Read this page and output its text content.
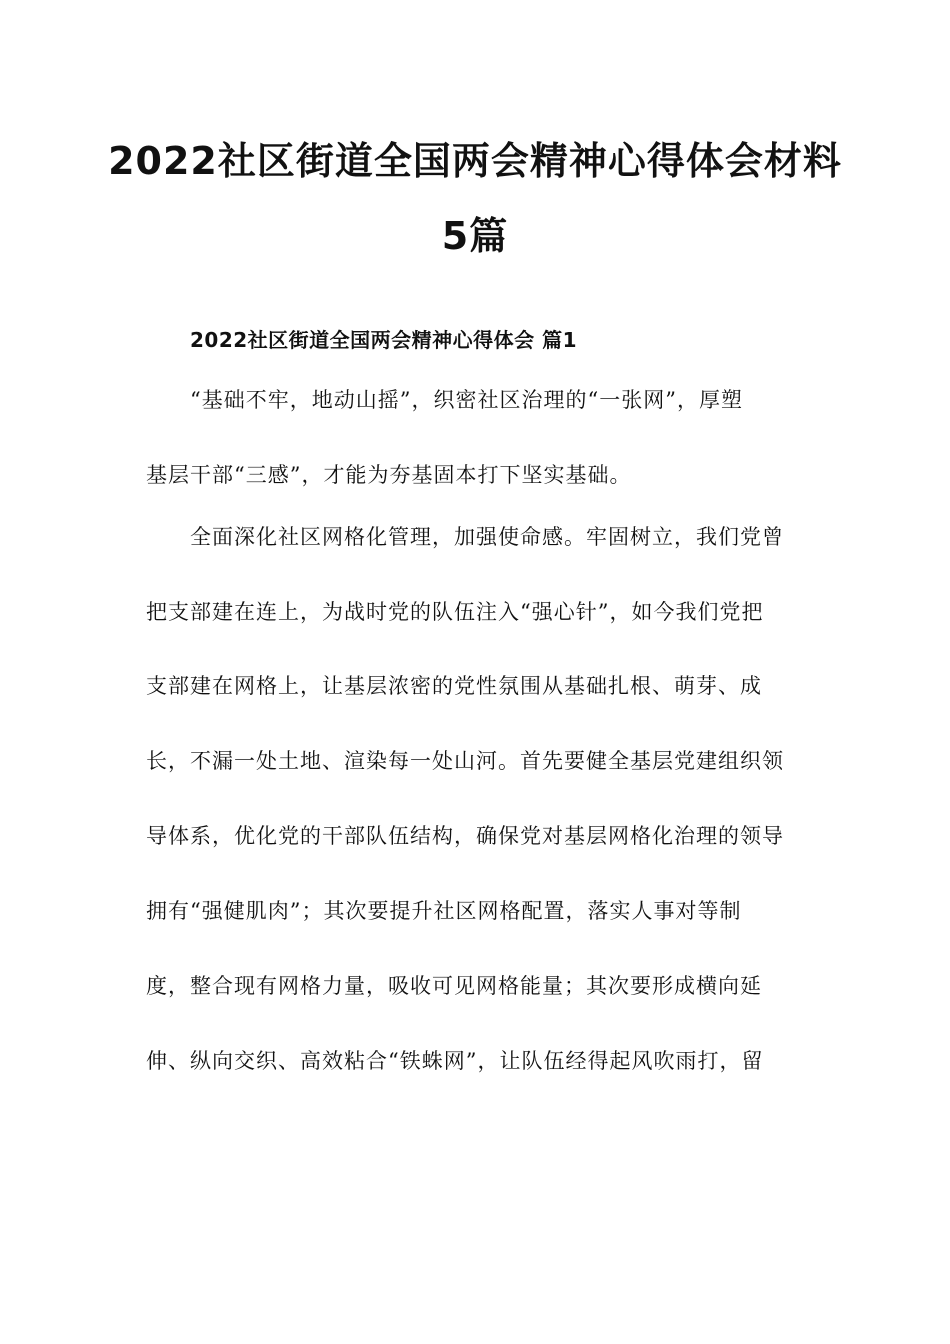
2022社区街道全国两会精神心得体会材料
5篇
2022社区街道全国两会精神心得体会 篇1
“基础不牢，地动山摇”，织密社区治理的“一张网”，厚塑
基层干部“三感”，才能为夯基固本打下坚实基础。
全面深化社区网格化管理，加强使命感。牢固树立，我们党曾
把支部建在连上，为战时党的队伍注入“强心针”，如今我们党把
支部建在网格上，让基层浓密的党性氛围从基础扎根、萌芽、成
长，不漏一处土地、渲染每一处山河。首先要健全基层党建组织领
导体系，优化党的干部队伍结构，确保党对基层网格化治理的领导
拥有“强健肌肉”；其次要提升社区网格配置，落实人事对等制
度，整合现有网格力量，吸收可见网格能量；其次要形成横向延
伸、纵向交织、高效粘合“铁蛛网”，让队伍经得起风吹雨打，留
